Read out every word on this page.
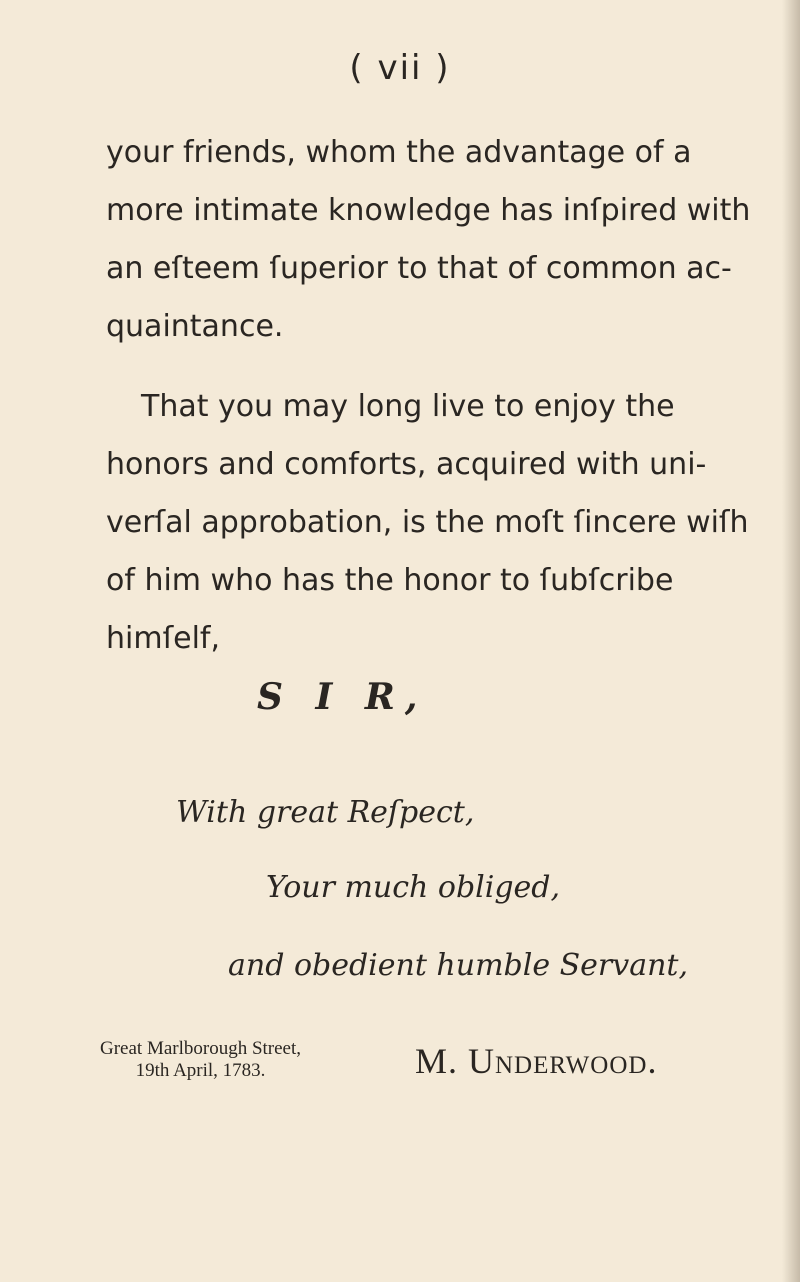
( vii )

your friends, whom the advantage of a
more intimate knowledge has inſpired with
an eſteem ſuperior to that of common ac-
quaintance.

That you may long live to enjoy the
honors and comforts, acquired with uni-
verſal approbation, is the moſt ſincere wiſh
of him who has the honor to ſubſcribe
himſelf,

S I R,
With great Reſpect,
Your much obliged,
and obedient humble Servant,
Great Marlborough Street,
19th April, 1783.	M. Underwood.
